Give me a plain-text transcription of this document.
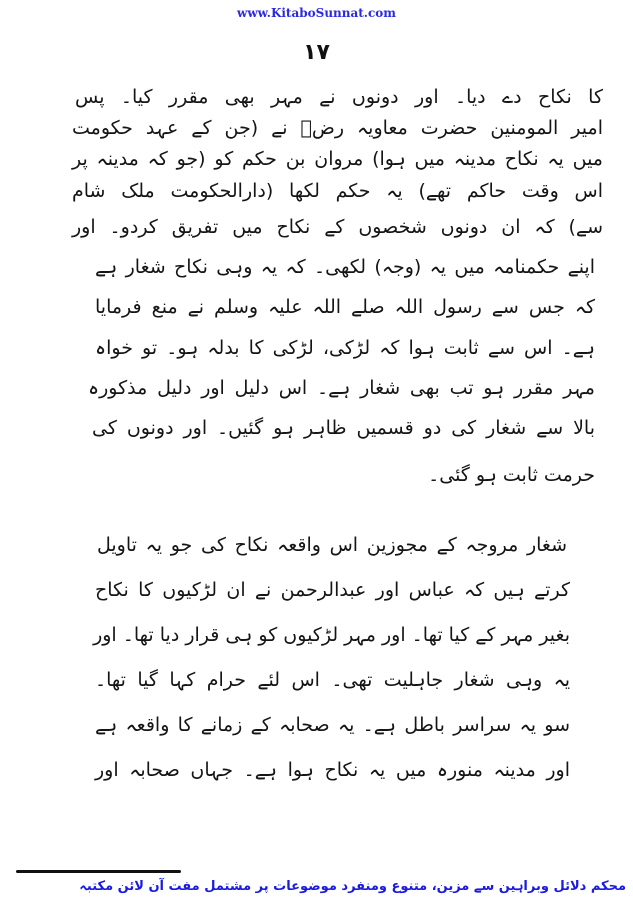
www.KitaboSunnat.com
۱۷
کا نکاح دے دیا۔ اور دونوں نے مہر بھی مقرر کیا۔ پس
امیر المومنین حضرت معاویہ رضؓ نے (جن کے عہد حکومت
میں یہ نکاح مدینہ میں ہوا) مروان بن حکم کو (جو کہ مدینہ پر
اس وقت حاکم تھے) یہ حکم لکھا (دارالحکومت ملک شام
سے) کہ ان دونوں شخصوں کے نکاح میں تفریق کردو۔ اور
اپنے حکمنامہ میں یہ (وجہ) لکھی۔ کہ یہ وہی نکاح شغار ہے
کہ جس سے رسول اللہ صلے اللہ علیہ وسلم نے منع فرمایا
ہے۔ اس سے ثابت ہوا کہ لڑکی، لڑکی کا بدلہ ہو۔ تو خواہ
مہر مقرر ہو تب بھی شغار ہے۔ اس دلیل اور دلیل مذکورہ
بالا سے شغار کی دو قسمیں ظاہر ہو گئیں۔ اور دونوں کی
حرمت ثابت ہو گئی۔
شغار مروجہ کے مجوزین اس واقعہ نکاح کی جو یہ تاویل
کرتے ہیں کہ عباس اور عبدالرحمن نے ان لڑکیوں کا نکاح
بغیر مہر کے کیا تھا۔ اور مہر لڑکیوں کو ہی قرار دیا تھا۔ اور
یہ وہی شغار جاہلیت تھی۔ اس لئے حرام کہا گیا تھا۔
سو یہ سراسر باطل ہے۔ یہ صحابہ کے زمانے کا واقعہ ہے
اور مدینہ منورہ میں یہ نکاح ہوا ہے۔ جہاں صحابہ اور
محکم دلائل وبراہین سے مزین، متنوع ومنفرد موضوعات پر مشتمل مفت آن لائن مکتبہ
